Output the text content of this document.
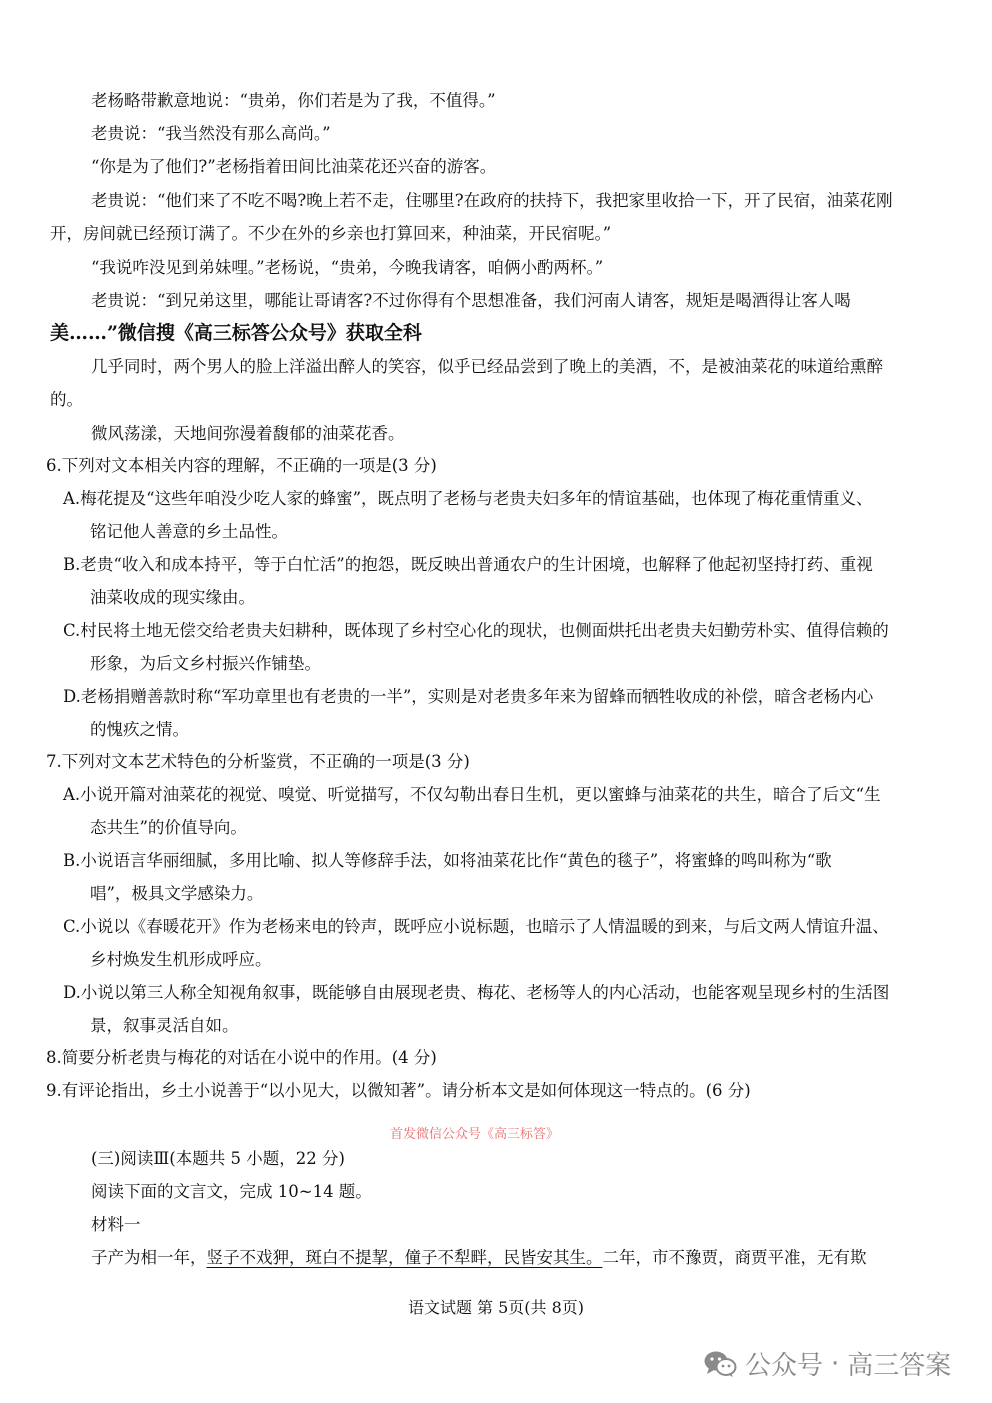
老杨略带歉意地说：“贵弟，你们若是为了我，不值得。”
老贵说：“我当然没有那么高尚。”
“你是为了他们?”老杨指着田间比油菜花还兴奋的游客。
老贵说：“他们来了不吃不喝?晚上若不走，住哪里?在政府的扶持下，我把家里收拾一下，开了民宿，油菜花刚
开，房间就已经预订满了。不少在外的乡亲也打算回来，种油菜，开民宿呢。”
“我说咋没见到弟妹哩。”老杨说，“贵弟，今晚我请客，咱俩小酌两杯。”
老贵说：“到兄弟这里，哪能让哥请客?不过你得有个思想准备，我们河南人请客，规矩是喝酒得让客人喝
美……”微信搜《高三标答公众号》获取全科
几乎同时，两个男人的脸上洋溢出醉人的笑容，似乎已经品尝到了晚上的美酒，不，是被油菜花的味道给熏醉
的。
微风荡漾，天地间弥漫着馥郁的油菜花香。
6.下列对文本相关内容的理解，不正确的一项是(3 分)
A.梅花提及“这些年咱没少吃人家的蜂蜜”，既点明了老杨与老贵夫妇多年的情谊基础，也体现了梅花重情重义、
铭记他人善意的乡土品性。
B.老贵“收入和成本持平，等于白忙活”的抱怨，既反映出普通农户的生计困境，也解释了他起初坚持打药、重视
油菜收成的现实缘由。
C.村民将土地无偿交给老贵夫妇耕种，既体现了乡村空心化的现状，也侧面烘托出老贵夫妇勤劳朴实、值得信赖的
形象，为后文乡村振兴作铺垫。
D.老杨捐赠善款时称“军功章里也有老贵的一半”，实则是对老贵多年来为留蜂而牺牲收成的补偿，暗含老杨内心
的愧疚之情。
7.下列对文本艺术特色的分析鉴赏，不正确的一项是(3 分)
A.小说开篇对油菜花的视觉、嗅觉、听觉描写，不仅勾勒出春日生机，更以蜜蜂与油菜花的共生，暗合了后文“生
态共生”的价值导向。
B.小说语言华丽细腻，多用比喻、拟人等修辞手法，如将油菜花比作“黄色的毯子”，将蜜蜂的鸣叫称为“歌
唱”，极具文学感染力。
C.小说以《春暖花开》作为老杨来电的铃声，既呼应小说标题，也暗示了人情温暖的到来，与后文两人情谊升温、
乡村焕发生机形成呼应。
D.小说以第三人称全知视角叙事，既能够自由展现老贵、梅花、老杨等人的内心活动，也能客观呈现乡村的生活图
景，叙事灵活自如。
8.简要分析老贵与梅花的对话在小说中的作用。(4 分)
9.有评论指出，乡土小说善于“以小见大，以微知著”。请分析本文是如何体现这一特点的。(6 分)
首发微信公众号《高三标答》
(三)阅读Ⅲ(本题共 5 小题，22 分)
阅读下面的文言文，完成 10~14 题。
材料一
子产为相一年，竖子不戏狎，斑白不提挈，僮子不犁畔，民皆安其生。二年，市不豫贾，商贾平准，无有欺
语文试题 第 5页(共 8页)
公众号 · 高三答案
